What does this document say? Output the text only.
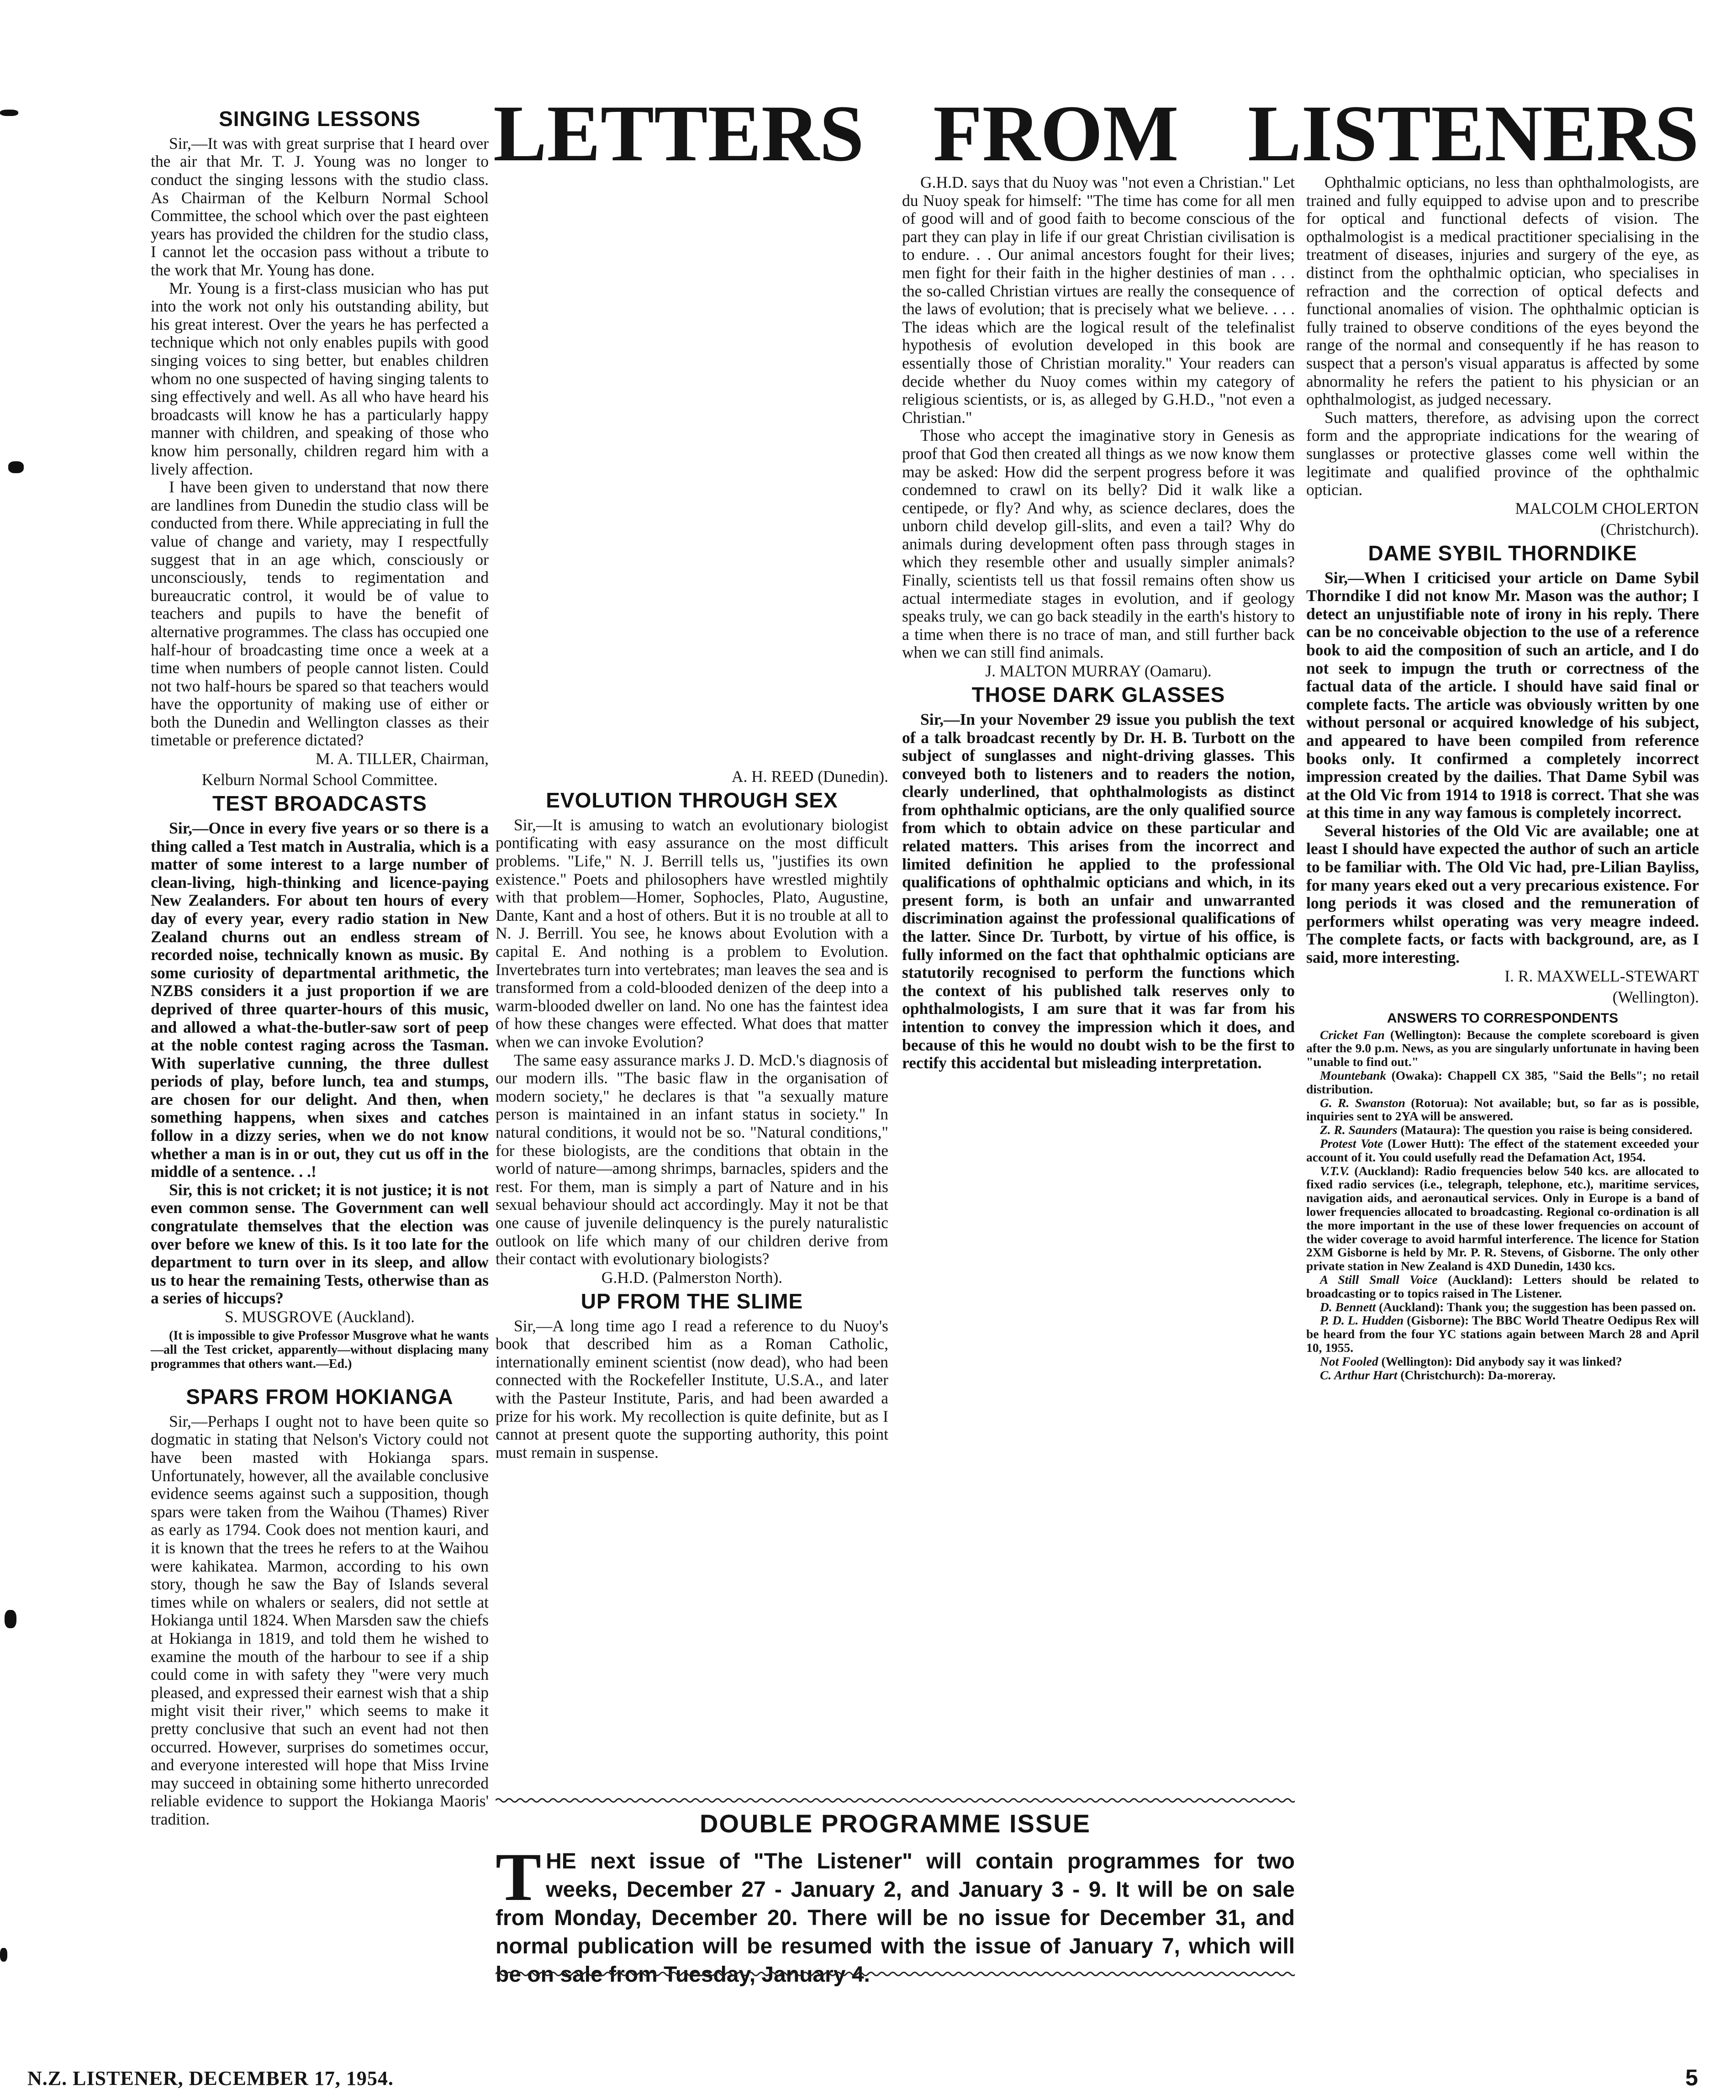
LETTERS FROM LISTENERS
SINGING LESSONS

Sir,—It was with great surprise that I heard over the air that Mr. T. J. Young was no longer to conduct the singing lessons with the studio class. As Chairman of the Kelburn Normal School Committee, the school which over the past eighteen years has provided the children for the studio class, I cannot let the occasion pass without a tribute to the work that Mr. Young has done.

Mr. Young is a first-class musician who has put into the work not only his outstanding ability, but his great interest. Over the years he has perfected a technique which not only enables pupils with good singing voices to sing better, but enables children whom no one suspected of having singing talents to sing effectively and well. As all who have heard his broadcasts will know he has a particularly happy manner with children, and speaking of those who know him personally, children regard him with a lively affection.

I have been given to understand that now there are landlines from Dunedin the studio class will be conducted from there. While appreciating in full the value of change and variety, may I respectfully suggest that in an age which, consciously or unconsciously, tends to regimentation and bureaucratic control, it would be of value to teachers and pupils to have the benefit of alternative programmes. The class has occupied one half-hour of broadcasting time once a week at a time when numbers of people cannot listen. Could not two half-hours be spared so that teachers would have the opportunity of making use of either or both the Dunedin and Wellington classes as their timetable or preference dictated?

M. A. TILLER, Chairman,
Kelburn Normal School Committee.
TEST BROADCASTS

Sir,—Once in every five years or so there is a thing called a Test match in Australia, which is a matter of some interest to a large number of clean-living, high-thinking and licence-paying New Zealanders. For about ten hours of every day of every year, every radio station in New Zealand churns out an endless stream of recorded noise, technically known as music. By some curiosity of departmental arithmetic, the NZBS considers it a just proportion if we are deprived of three quarter-hours of this music, and allowed a what-the-butler-saw sort of peep at the noble contest raging across the Tasman. With superlative cunning, the three dullest periods of play, before lunch, tea and stumps, are chosen for our delight. And then, when something happens, when sixes and catches follow in a dizzy series, when we do not know whether a man is in or out, they cut us off in the middle of a sentence. . .!

Sir, this is not cricket; it is not justice; it is not even common sense. The Government can well congratulate themselves that the election was over before we knew of this. Is it too late for the department to turn over in its sleep, and allow us to hear the remaining Tests, otherwise than as a series of hiccups?

S. MUSGROVE (Auckland).
(It is impossible to give Professor Musgrove what he wants—all the Test cricket, apparently—without displacing many programmes that others want.—Ed.)
SPARS FROM HOKIANGA

Sir,—Perhaps I ought not to have been quite so dogmatic in stating that Nelson's Victory could not have been masted with Hokianga spars. Unfortunately, however, all the available conclusive evidence seems against such a supposition, though spars were taken from the Waihou (Thames) River as early as 1794. Cook does not mention kauri, and it is known that the trees he refers to at the Waihou were kahikatea. Marmon, according to his own story, though he saw the Bay of Islands several times while on whalers or sealers, did not settle at Hokianga until 1824. When Marsden saw the chiefs at Hokianga in 1819, and told them he wished to examine the mouth of the harbour to see if a ship could come in with safety they "were very much pleased, and expressed their earnest wish that a ship might visit their river," which seems to make it pretty conclusive that such an event had not then occurred. However, surprises do sometimes occur, and everyone interested will hope that Miss Irvine may succeed in obtaining some hitherto unrecorded reliable evidence to support the Hokianga Maoris' tradition.

A. H. REED (Dunedin).
EVOLUTION THROUGH SEX

Sir,—It is amusing to watch an evolutionary biologist pontificating with easy assurance on the most difficult problems. "Life," N. J. Berrill tells us, "justifies its own existence." Poets and philosophers have wrestled mightily with that problem—Homer, Sophocles, Plato, Augustine, Dante, Kant and a host of others. But it is no trouble at all to N. J. Berrill. You see, he knows about Evolution with a capital E. And nothing is a problem to Evolution. Invertebrates turn into vertebrates; man leaves the sea and is transformed from a cold-blooded denizen of the deep into a warm-blooded dweller on land. No one has the faintest idea of how these changes were effected. What does that matter when we can invoke Evolution?

The same easy assurance marks J. D. McD.'s diagnosis of our modern ills. "The basic flaw in the organisation of modern society," he declares is that "a sexually mature person is maintained in an infant status in society." In natural conditions, it would not be so. "Natural conditions," for these biologists, are the conditions that obtain in the world of nature—among shrimps, barnacles, spiders and the rest. For them, man is simply a part of Nature and in his sexual behaviour should act accordingly. May it not be that one cause of juvenile delinquency is the purely naturalistic outlook on life which many of our children derive from their contact with evolutionary biologists?

G.H.D. (Palmerston North).
UP FROM THE SLIME

Sir,—A long time ago I read a reference to du Nuoy's book that described him as a Roman Catholic, internationally eminent scientist (now dead), who had been connected with the Rockefeller Institute, U.S.A., and later with the Pasteur Institute, Paris, and had been awarded a prize for his work. My recollection is quite definite, but as I cannot at present quote the supporting authority, this point must remain in suspense.

G.H.D. says that du Nuoy was "not even a Christian." Let du Nuoy speak for himself: "The time has come for all men of good will and of good faith to become conscious of the part they can play in life if our great Christian civilisation is to endure. . . Our animal ancestors fought for their lives; men fight for their faith in the higher destinies of man . . . the so-called Christian virtues are really the consequence of the laws of evolution; that is precisely what we believe. . . . The ideas which are the logical result of the telefinalist hypothesis of evolution developed in this book are essentially those of Christian morality." Your readers can decide whether du Nuoy comes within my category of religious scientists, or is, as alleged by G.H.D., "not even a Christian."

Those who accept the imaginative story in Genesis as proof that God then created all things as we now know them may be asked: How did the serpent progress before it was condemned to crawl on its belly? Did it walk like a centipede, or fly? And why, as science declares, does the unborn child develop gill-slits, and even a tail? Why do animals during development often pass through stages in which they resemble other and usually simpler animals? Finally, scientists tell us that fossil remains often show us actual intermediate stages in evolution, and if geology speaks truly, we can go back steadily in the earth's history to a time when there is no trace of man, and still further back when we can still find animals.

J. MALTON MURRAY (Oamaru).
THOSE DARK GLASSES

Sir,—In your November 29 issue you publish the text of a talk broadcast recently by Dr. H. B. Turbott on the subject of sunglasses and night-driving glasses. This conveyed both to listeners and to readers the notion, clearly underlined, that ophthalmologists as distinct from ophthalmic opticians, are the only qualified source from which to obtain advice on these particular and related matters. This arises from the incorrect and limited definition he applied to the professional qualifications of ophthalmic opticians and which, in its present form, is both an unfair and unwarranted discrimination against the professional qualifications of the latter. Since Dr. Turbott, by virtue of his office, is fully informed on the fact that ophthalmic opticians are statutorily recognised to perform the functions which the context of his published talk reserves only to ophthalmologists, I am sure that it was far from his intention to convey the impression which it does, and because of this he would no doubt wish to be the first to rectify this accidental but misleading interpretation.

Ophthalmic opticians, no less than ophthalmologists, are trained and fully equipped to advise upon and to prescribe for optical and functional defects of vision. The opthalmologist is a medical practitioner specialising in the treatment of diseases, injuries and surgery of the eye, as distinct from the ophthalmic optician, who specialises in refraction and the correction of optical defects and functional anomalies of vision. The ophthalmic optician is fully trained to observe conditions of the eyes beyond the range of the normal and consequently if he has reason to suspect that a person's visual apparatus is affected by some abnormality he refers the patient to his physician or an ophthalmologist, as judged necessary.

Such matters, therefore, as advising upon the correct form and the appropriate indications for the wearing of sunglasses or protective glasses come well within the legitimate and qualified province of the ophthalmic optician.

MALCOLM CHOLERTON
(Christchurch).
DAME SYBIL THORNDIKE

Sir,—When I criticised your article on Dame Sybil Thorndike I did not know Mr. Mason was the author; I detect an unjustifiable note of irony in his reply. There can be no conceivable objection to the use of a reference book to aid the composition of such an article, and I do not seek to impugn the truth or correctness of the factual data of the article. I should have said final or complete facts. The article was obviously written by one without personal or acquired knowledge of his subject, and appeared to have been compiled from reference books only. It confirmed a completely incorrect impression created by the dailies. That Dame Sybil was at the Old Vic from 1914 to 1918 is correct. That she was at this time in any way famous is completely incorrect.

Several histories of the Old Vic are available; one at least I should have expected the author of such an article to be familiar with. The Old Vic had, pre-Lilian Bayliss, for many years eked out a very precarious existence. For long periods it was closed and the remuneration of performers whilst operating was very meagre indeed. The complete facts, or facts with background, are, as I said, more interesting.

I. R. MAXWELL-STEWART
(Wellington).
ANSWERS TO CORRESPONDENTS

Cricket Fan (Wellington): Because the complete scoreboard is given after the 9.0 p.m. News, as you are singularly unfortunate in having been "unable to find out."

Mountebank (Owaka): Chappell CX 385, "Said the Bells"; no retail distribution.

G. R. Swanston (Rotorua): Not available; but, so far as is possible, inquiries sent to 2YA will be answered.

Z. R. Saunders (Mataura): The question you raise is being considered.

Protest Vote (Lower Hutt): The effect of the statement exceeded your account of it. You could usefully read the Defamation Act, 1954.

V.T.V. (Auckland): Radio frequencies below 540 kcs. are allocated to fixed radio services (i.e., telegraph, telephone, etc.), maritime services, navigation aids, and aeronautical services. Only in Europe is a band of lower frequencies allocated to broadcasting. Regional co-ordination is all the more important in the use of these lower frequencies on account of the wider coverage to avoid harmful interference. The licence for Station 2XM Gisborne is held by Mr. P. R. Stevens, of Gisborne. The only other private station in New Zealand is 4XD Dunedin, 1430 kcs.

A Still Small Voice (Auckland): Letters should be related to broadcasting or to topics raised in The Listener.

D. Bennett (Auckland): Thank you; the suggestion has been passed on.

P. D. L. Hudden (Gisborne): The BBC World Theatre Oedipus Rex will be heard from the four YC stations again between March 28 and April 10, 1955.

Not Fooled (Wellington): Did anybody say it was linked?

C. Arthur Hart (Christchurch): Da-moreray.

DOUBLE PROGRAMME ISSUE
T HE next issue of "The Listener" will contain programmes for two weeks, December 27 - January 2, and January 3 - 9. It will be on sale from Monday, December 20. There will be no issue for December 31, and normal publication will be resumed with the issue of January 7, which will be on sale from Tuesday, January 4.
N.Z. LISTENER, DECEMBER 17, 1954.	5
